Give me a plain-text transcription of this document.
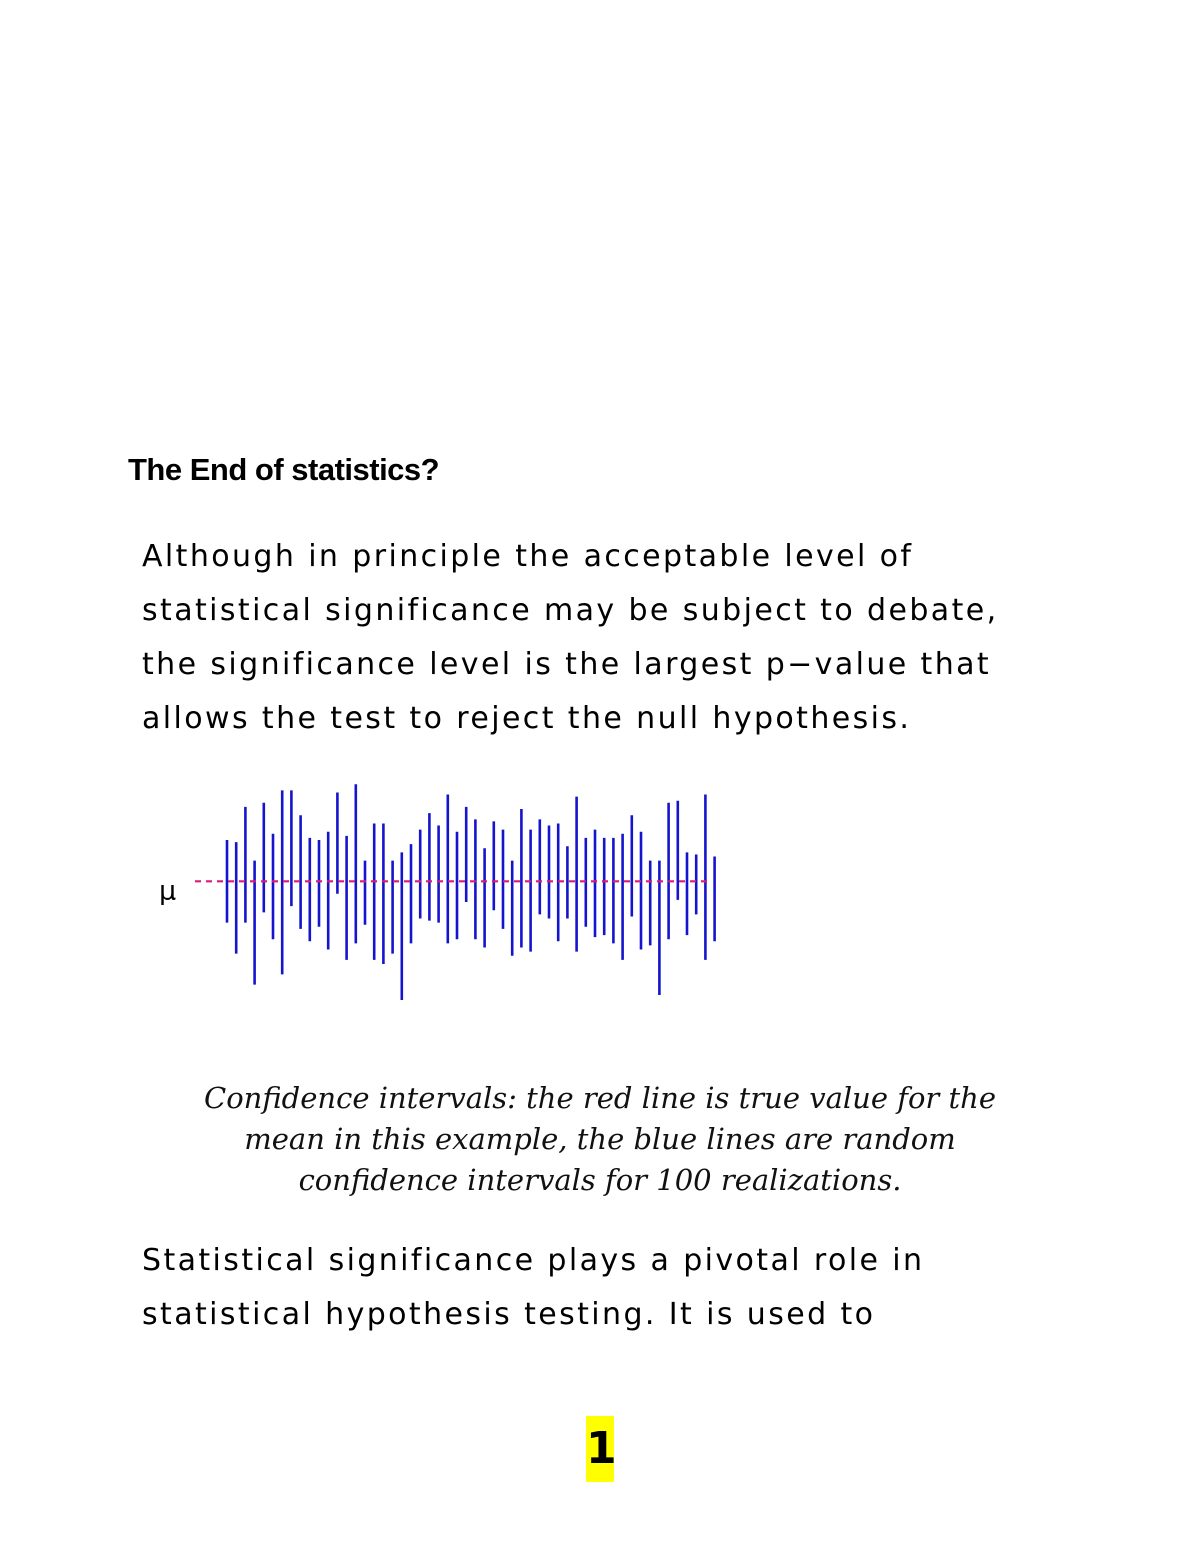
The End of statistics?

Although in principle the acceptable level of
statistical significance may be subject to debate,
the significance level is the largest p−value that
allows the test to reject the null hypothesis.

μ

Confidence intervals: the red line is true value for the
mean in this example, the blue lines are random
confidence intervals for 100 realizations.

Statistical significance plays a pivotal role in
statistical hypothesis testing. It is used to

1
